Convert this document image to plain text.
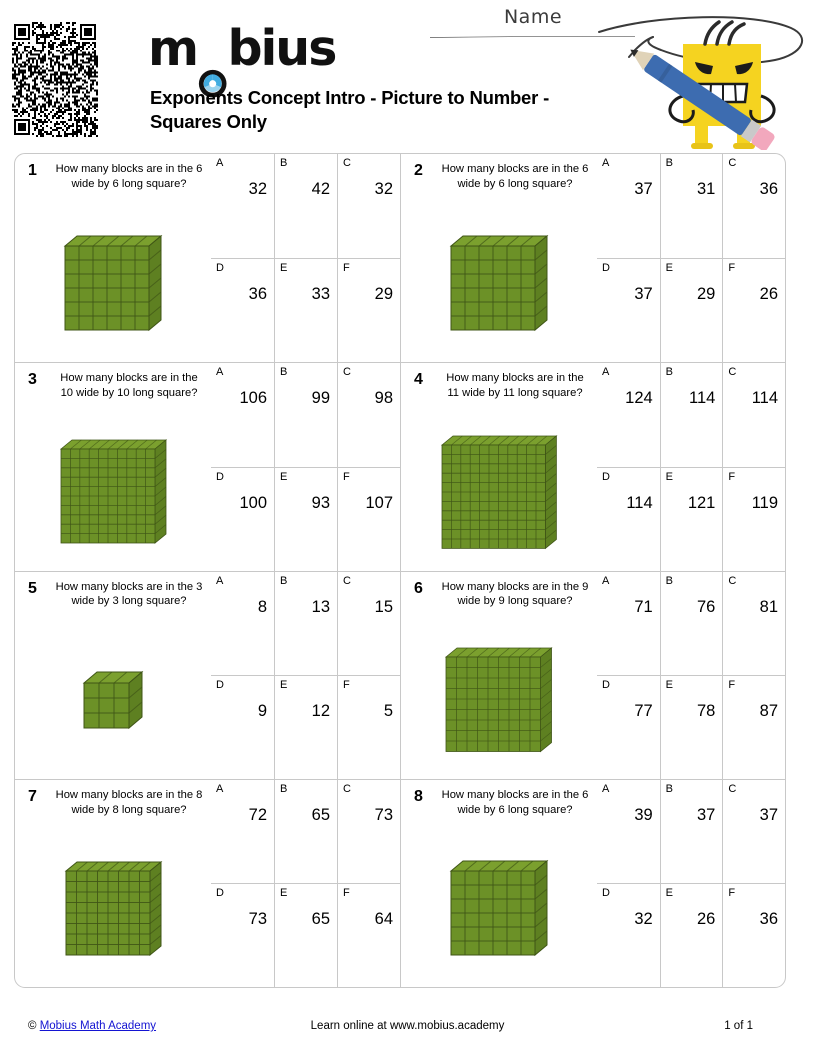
m bius
Exponents Concept Intro - Picture to Number - Squares Only
Name
1 How many blocks are in the 6 wide by 6 long square?
A
32
B
42
C
32
D
36
E
33
F
29
2 How many blocks are in the 6 wide by 6 long square?
A
37
B
31
C
36
D
37
E
29
F
26
3	How many blocks are in the 10 wide by 10 long square?
A
106
B
99
C
98
D
100
E
93
F
107
4	How many blocks are in the 11 wide by 11 long square?
A
124
B
114
C
114
D
114
E
121
F
119
5 How many blocks are in the 3 wide by 3 long square?
A
8
B
13
C
15
D
9
E
12
F
5
6 How many blocks are in the 9 wide by 9 long square?
A
71
B
76
C
81
D
77
E
78
F
87
7 How many blocks are in the 8 wide by 8 long square?
A
72
B
65
C
73
D
73
E
65
F
64
8 How many blocks are in the 6 wide by 6 long square?
A
39
B
37
C
37
D
32
E
26
F
36
© Mobius Math Academy	Learn online at www.mobius.academy	1 of 1
